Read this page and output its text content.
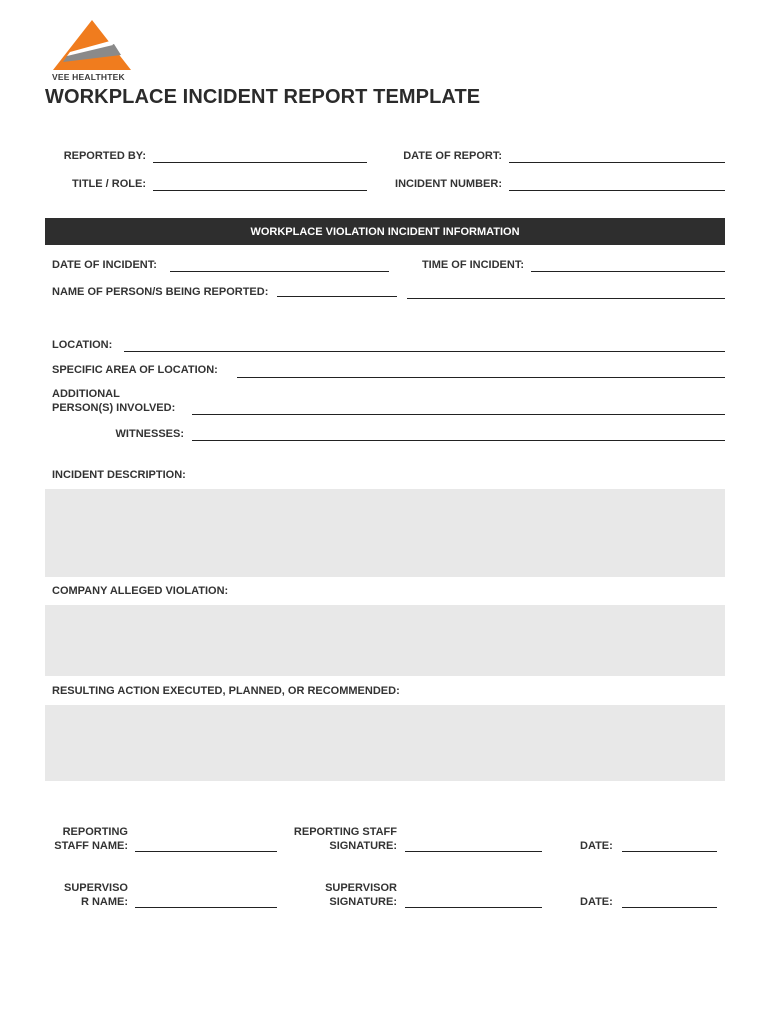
VEE HEALTHTEK
WORKPLACE INCIDENT REPORT TEMPLATE
REPORTED BY:	DATE OF REPORT:
TITLE / ROLE:	INCIDENT NUMBER:
WORKPLACE VIOLATION INCIDENT INFORMATION
DATE OF INCIDENT:	TIME OF INCIDENT:
NAME OF PERSON/S BEING REPORTED:
LOCATION:
SPECIFIC AREA OF LOCATION:
ADDITIONAL
PERSON(S) INVOLVED:
WITNESSES:
INCIDENT DESCRIPTION:
COMPANY ALLEGED VIOLATION:
RESULTING ACTION EXECUTED, PLANNED, OR RECOMMENDED:
REPORTING
STAFF NAME:
REPORTING STAFF
SIGNATURE:	DATE:
SUPERVISO
R NAME:
SUPERVISOR
SIGNATURE:	DATE:
